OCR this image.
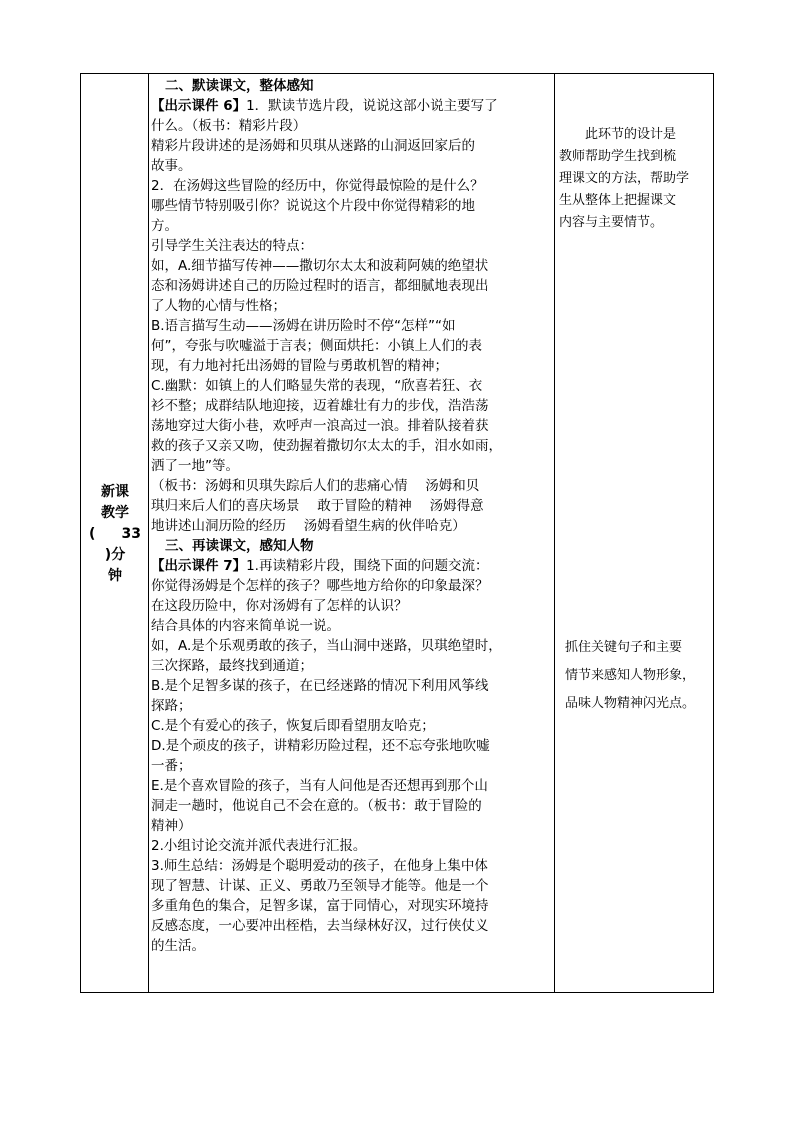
新课
教学
( 33
)分
钟

二、默读课文，整体感知

【出示课件 6】1．默读节选片段，说说这部小说主要写了

什么。（板书：精彩片段）

精彩片段讲述的是汤姆和贝琪从迷路的山洞返回家后的

故事。

2．在汤姆这些冒险的经历中，你觉得最惊险的是什么？

哪些情节特别吸引你？说说这个片段中你觉得精彩的地

方。

引导学生关注表达的特点：

如，A.细节描写传神——撒切尔太太和波莉阿姨的绝望状

态和汤姆讲述自己的历险过程时的语言，都细腻地表现出

了人物的心情与性格；

B.语言描写生动——汤姆在讲历险时不停“怎样”“如

何”，夸张与吹嘘溢于言表；侧面烘托：小镇上人们的表

现，有力地衬托出汤姆的冒险与勇敢机智的精神；

C.幽默：如镇上的人们略显失常的表现，“欣喜若狂、衣

衫不整；成群结队地迎接，迈着雄壮有力的步伐，浩浩荡

荡地穿过大街小巷，欢呼声一浪高过一浪。排着队接着获

救的孩子又亲又吻，使劲握着撒切尔太太的手，泪水如雨，

洒了一地”等。

（板书：汤姆和贝琪失踪后人们的悲痛心情　 汤姆和贝

琪归来后人们的喜庆场景　 敢于冒险的精神　 汤姆得意

地讲述山洞历险的经历　 汤姆看望生病的伙伴哈克）

三、再读课文，感知人物

【出示课件 7】1.再读精彩片段，围绕下面的问题交流：

你觉得汤姆是个怎样的孩子？哪些地方给你的印象最深？

在这段历险中，你对汤姆有了怎样的认识？

结合具体的内容来简单说一说。

如，A.是个乐观勇敢的孩子，当山洞中迷路，贝琪绝望时，

三次探路，最终找到通道；

B.是个足智多谋的孩子，在已经迷路的情况下利用风筝线

探路；

C.是个有爱心的孩子，恢复后即看望朋友哈克；

D.是个顽皮的孩子，讲精彩历险过程，还不忘夸张地吹嘘

一番；

E.是个喜欢冒险的孩子，当有人问他是否还想再到那个山

洞走一趟时，他说自己不会在意的。（板书：敢于冒险的

精神）

2.小组讨论交流并派代表进行汇报。

3.师生总结：汤姆是个聪明爱动的孩子，在他身上集中体

现了智慧、计谋、正义、勇敢乃至领导才能等。他是一个

多重角色的集合，足智多谋，富于同情心，对现实环境持

反感态度，一心要冲出桎梏，去当绿林好汉，过行侠仗义

的生活。

此环节的设计是

教师帮助学生找到梳

理课文的方法，帮助学

生从整体上把握课文

内容与主要情节。

抓住关键句子和主要

情节来感知人物形象，

品味人物精神闪光点。
